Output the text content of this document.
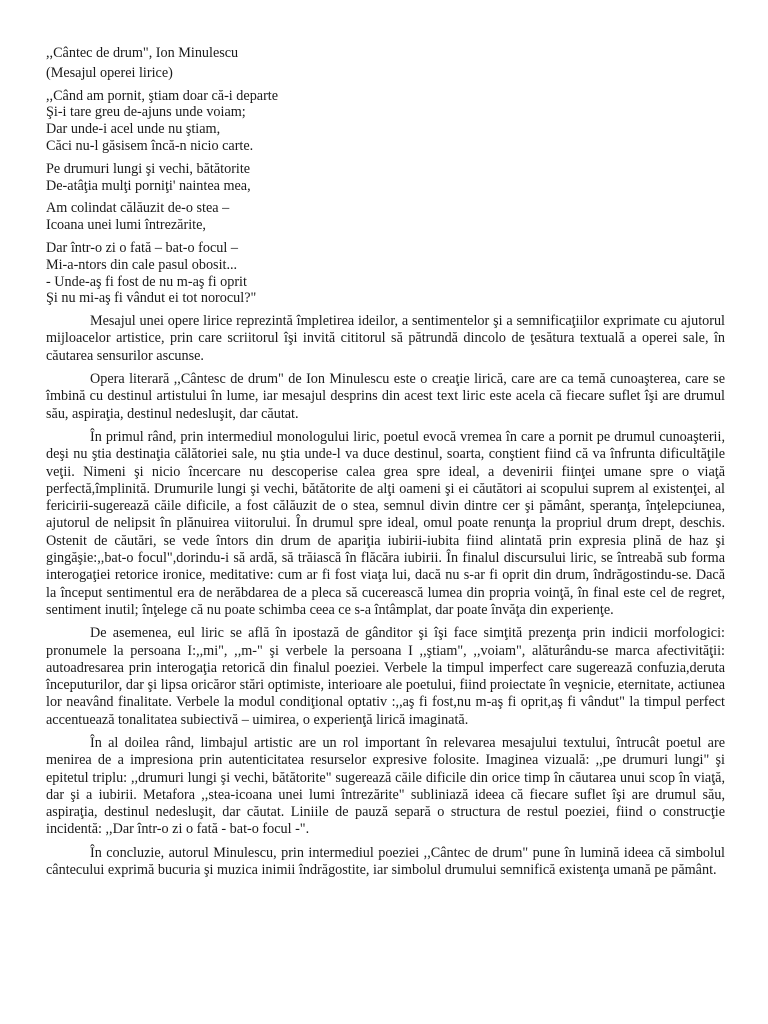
,,Cântec de drum", Ion Minulescu
(Mesajul operei lirice)
,,Când am pornit, ştiam doar că-i departe
Şi-i tare greu de-ajuns unde voiam;
Dar unde-i acel unde nu ştiam,
Căci nu-l găsisem încă-n nicio carte.
Pe drumuri lungi şi vechi, bătătorite
De-atâţia mulţi porniţi' naintea mea,
Am colindat călăuzit de-o stea –
Icoana unei lumi întrezărite,
Dar într-o zi o fată – bat-o focul –
Mi-a-ntors din cale pasul obosit...
- Unde-aş fi fost de nu m-aş fi oprit
Şi nu mi-aş fi vândut ei tot norocul?"

Mesajul unei opere lirice reprezintă împletirea ideilor, a sentimentelor şi a semnificaţiilor exprimate cu ajutorul mijloacelor artistice, prin care scriitorul îşi invită cititorul să pătrundă dincolo de ţesătura textuală a operei sale, în căutarea sensurilor ascunse.

Opera literară ,,Cântesc de drum" de Ion Minulescu este o creaţie lirică, care are ca temă cunoaşterea, care se îmbină cu destinul artistului în lume, iar mesajul desprins din acest text liric este acela că fiecare suflet îşi are drumul său, aspiraţia, destinul nedesluşit, dar căutat.

În primul rând, prin intermediul monologului liric, poetul evocă vremea în care a pornit pe drumul cunoaşterii, deşi nu ştia destinaţia călătoriei sale, nu ştia unde-l va duce destinul, soarta, conştient fiind că va înfrunta dificultăţile veţii. Nimeni şi nicio încercare nu descoperise calea grea spre ideal, a devenirii fiinţei umane spre o viaţă perfectă,împlinită. Drumurile lungi şi vechi, bătătorite de alţi oameni şi ei căutători ai scopului suprem al existenţei, al fericirii-sugerează căile dificile, a fost călăuzit de o stea, semnul divin dintre cer şi pământ, speranţa, înţelepciunea, ajutorul de nelipsit în plănuirea viitorului. În drumul spre ideal, omul poate renunţa la propriul drum drept, deschis. Ostenit de căutări, se vede întors din drum de apariţia iubirii-iubita fiind alintată prin expresia plină de haz şi gingăşie:,,bat-o focul",dorindu-i să ardă, să trăiască în flăcăra iubirii. În finalul discursului liric, se întreabă sub forma interogaţiei retorice ironice, meditative: cum ar fi fost viaţa lui, dacă nu s-ar fi oprit din drum, îndrăgostindu-se. Dacă la început sentimentul era de nerăbdarea de a pleca să cucerească lumea din propria voinţă, în final este cel de regret, sentiment inutil; înţelege că nu poate schimba ceea ce s-a întâmplat, dar poate învăţa din experienţe.

De asemenea, eul liric se află în ipostază de gânditor şi îşi face simţită prezenţa prin indicii morfologici: pronumele la persoana I:,,mi", ,,m-" şi verbele la persoana I ,,ştiam", ,,voiam", alăturându-se marca afectivităţii: autoadresarea prin interogaţia retorică din finalul poeziei. Verbele la timpul imperfect care sugerează confuzia,deruta începuturilor, dar şi lipsa oricăror stări optimiste, interioare ale poetului, fiind proiectate în veşnicie, eternitate, actiunea lor neavând finalitate. Verbele la modul condiţional optativ :,,aş fi fost,nu m-aş fi oprit,aş fi vândut" la timpul perfect accentuează tonalitatea subiectivă – uimirea, o experienţă lirică imaginată.

În al doilea rând, limbajul artistic are un rol important în relevarea mesajului textului, întrucât poetul are menirea de a impresiona prin autenticitatea resurselor expresive folosite. Imaginea vizuală: ,,pe drumuri lungi" şi epitetul triplu: ,,drumuri lungi şi vechi, bătătorite" sugerează căile dificile din orice timp în căutarea unui scop în viaţă, dar şi a iubirii. Metafora ,,stea-icoana unei lumi întrezărite" subliniază ideea că fiecare suflet îşi are drumul său, aspiraţia, destinul nedesluşit, dar căutat. Liniile de pauză separă o structura de restul poeziei, fiind o construcţie incidentă: ,,Dar într-o zi o fată - bat-o focul -".

În concluzie, autorul Minulescu, prin intermediul poeziei ,,Cântec de drum" pune în lumină ideea că simbolul cântecului exprimă bucuria şi muzica inimii îndrăgostite, iar simbolul drumului semnifică existenţa umană pe pământ.
